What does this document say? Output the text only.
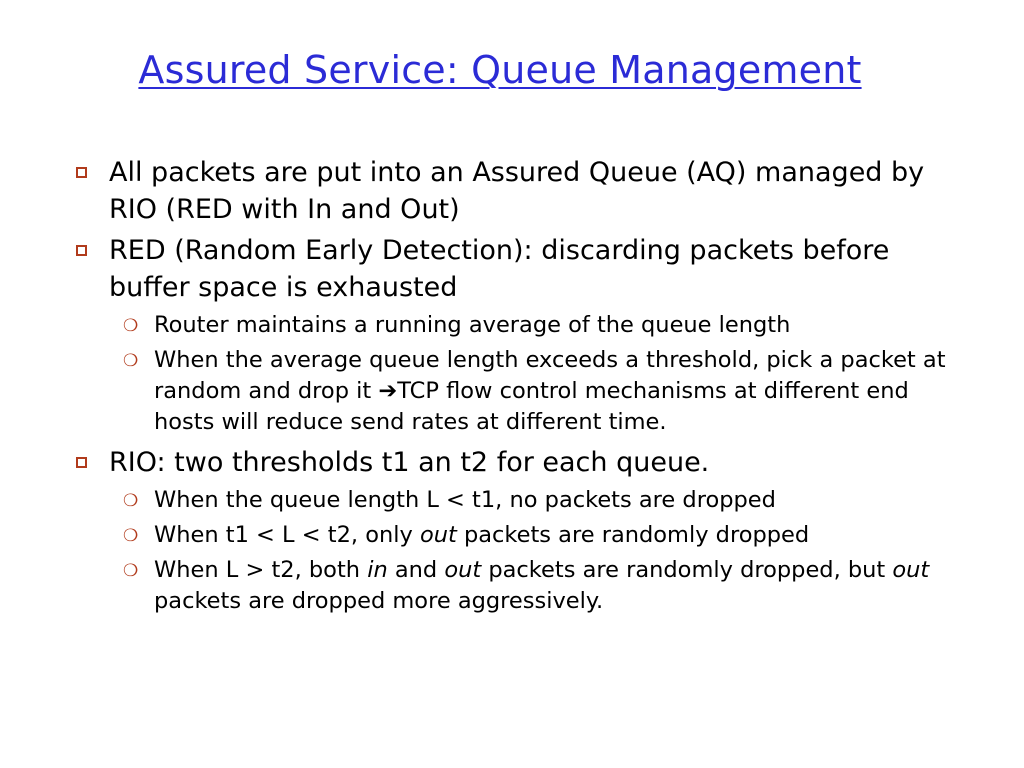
Assured Service: Queue Management
All packets are put into an Assured Queue (AQ) managed by RIO (RED with In and Out)
RED (Random Early Detection): discarding packets before buffer space is exhausted
❍ Router maintains a running average of the queue length
❍ When the average queue length exceeds a threshold, pick a packet at random and drop it ➔TCP flow control mechanisms at different end hosts will reduce send rates at different time.
RIO: two thresholds t1 an t2 for each queue.
❍ When the queue length L < t1, no packets are dropped
❍ When t1 < L < t2, only out packets are randomly dropped
❍ When L > t2, both in and out packets are randomly dropped, but out packets are dropped more aggressively.
